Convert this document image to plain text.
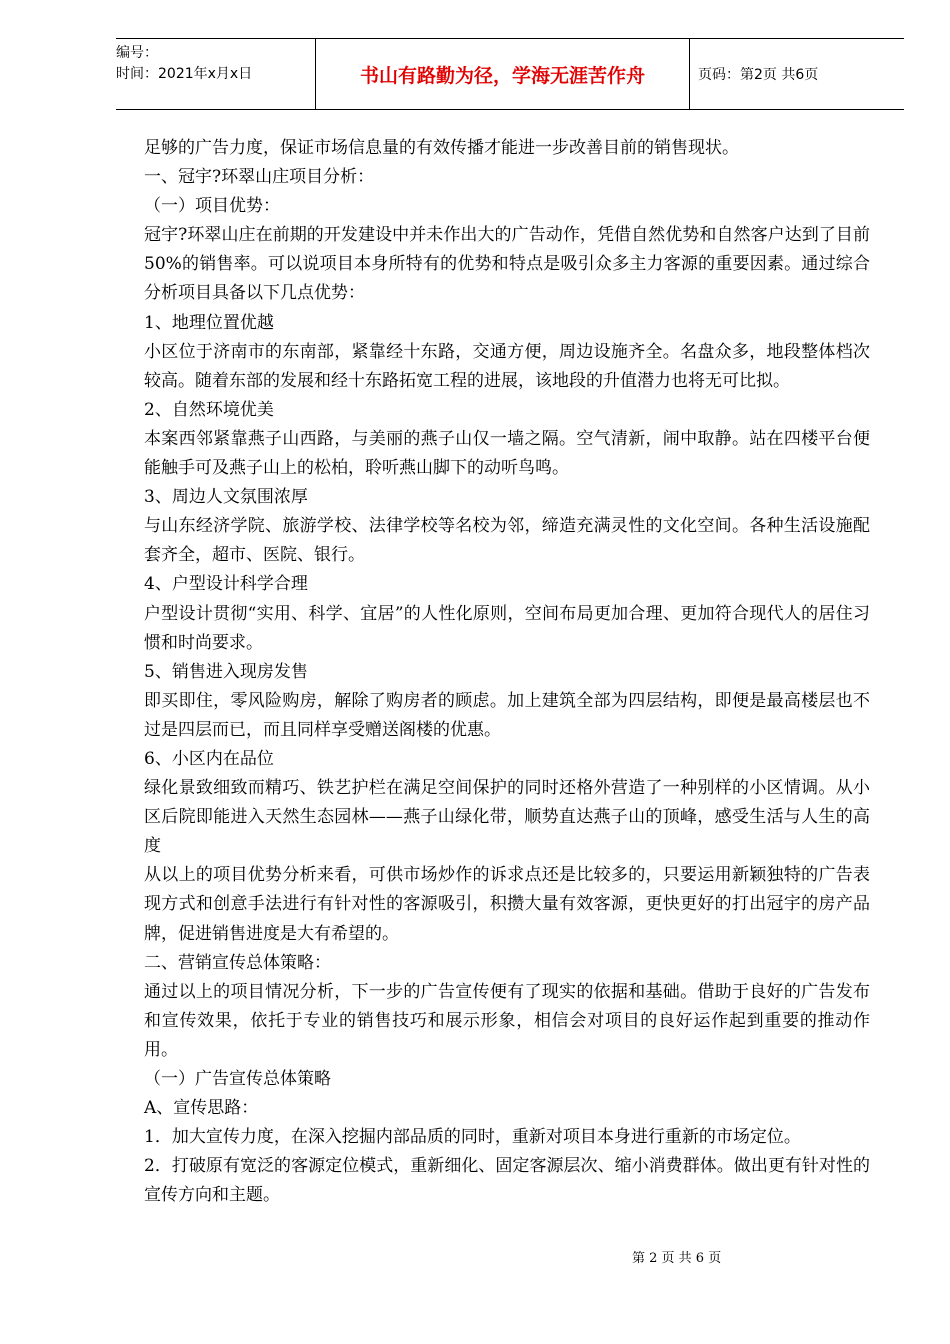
编号：
时间：2021年x月x日	书山有路勤为径，学海无涯苦作舟	页码：第2页 共6页

足够的广告力度，保证市场信息量的有效传播才能进一步改善目前的销售现状。

一、冠宇?环翠山庄项目分析：

（一）项目优势：

冠宇?环翠山庄在前期的开发建设中并未作出大的广告动作，凭借自然优势和自然客户达到了目前50%的销售率。可以说项目本身所特有的优势和特点是吸引众多主力客源的重要因素。通过综合分析项目具备以下几点优势：

1、地理位置优越

小区位于济南市的东南部，紧靠经十东路，交通方便，周边设施齐全。名盘众多，地段整体档次较高。随着东部的发展和经十东路拓宽工程的进展，该地段的升值潜力也将无可比拟。

2、自然环境优美

本案西邻紧靠燕子山西路，与美丽的燕子山仅一墙之隔。空气清新，闹中取静。站在四楼平台便能触手可及燕子山上的松柏，聆听燕山脚下的动听鸟鸣。

3、周边人文氛围浓厚

与山东经济学院、旅游学校、法律学校等名校为邻，缔造充满灵性的文化空间。各种生活设施配套齐全，超市、医院、银行。

4、户型设计科学合理

户型设计贯彻“实用、科学、宜居”的人性化原则，空间布局更加合理、更加符合现代人的居住习惯和时尚要求。

5、销售进入现房发售

即买即住，零风险购房，解除了购房者的顾虑。加上建筑全部为四层结构，即便是最高楼层也不过是四层而已，而且同样享受赠送阁楼的优惠。

6、小区内在品位

绿化景致细致而精巧、铁艺护栏在满足空间保护的同时还格外营造了一种别样的小区情调。从小区后院即能进入天然生态园林——燕子山绿化带，顺势直达燕子山的顶峰，感受生活与人生的高度

从以上的项目优势分析来看，可供市场炒作的诉求点还是比较多的，只要运用新颖独特的广告表现方式和创意手法进行有针对性的客源吸引，积攒大量有效客源，更快更好的打出冠宇的房产品牌，促进销售进度是大有希望的。

二、营销宣传总体策略：

通过以上的项目情况分析，下一步的广告宣传便有了现实的依据和基础。借助于良好的广告发布和宣传效果，依托于专业的销售技巧和展示形象，相信会对项目的良好运作起到重要的推动作用。

（一）广告宣传总体策略

A、宣传思路：

1．加大宣传力度，在深入挖掘内部品质的同时，重新对项目本身进行重新的市场定位。

2．打破原有宽泛的客源定位模式，重新细化、固定客源层次、缩小消费群体。做出更有针对性的宣传方向和主题。

第 2 页 共 6 页
